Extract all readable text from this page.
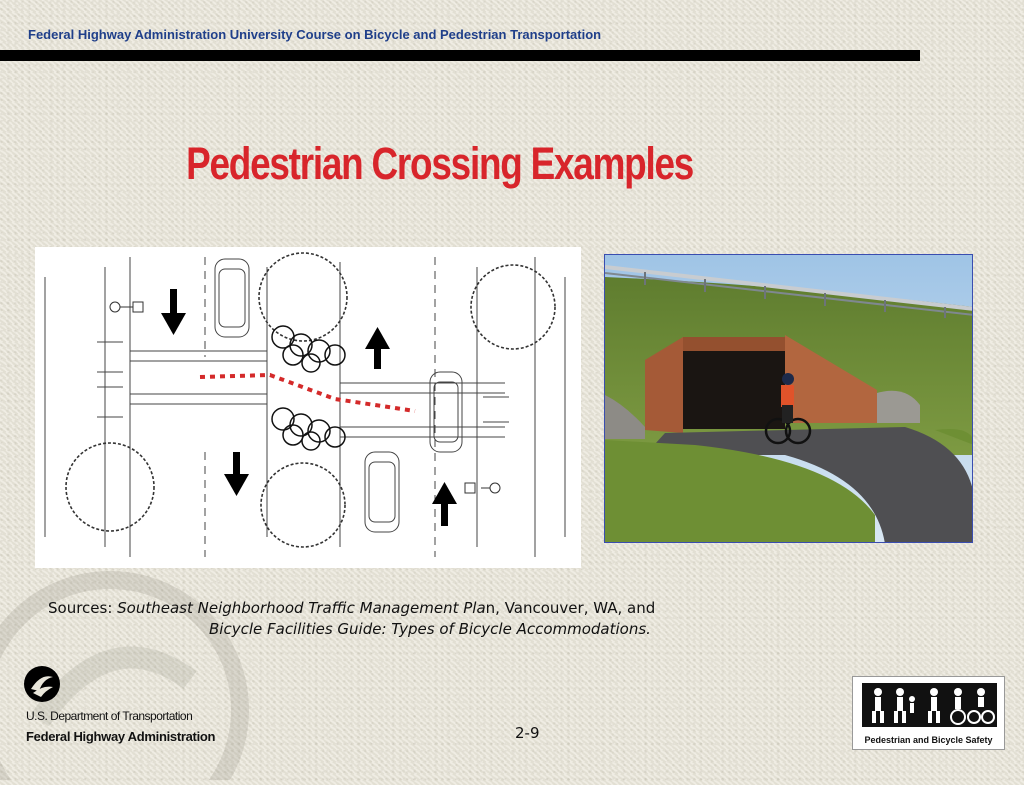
Federal Highway Administration University Course on Bicycle and Pedestrian Transportation
Pedestrian Crossing Examples
Sources: Southeast Neighborhood Traffic Management Plan, Vancouver, WA, and
Bicycle Facilities Guide: Types of Bicycle Accommodations.
U.S. Department of Transportation
Federal Highway Administration	2-9	Pedestrian and Bicycle Safety
